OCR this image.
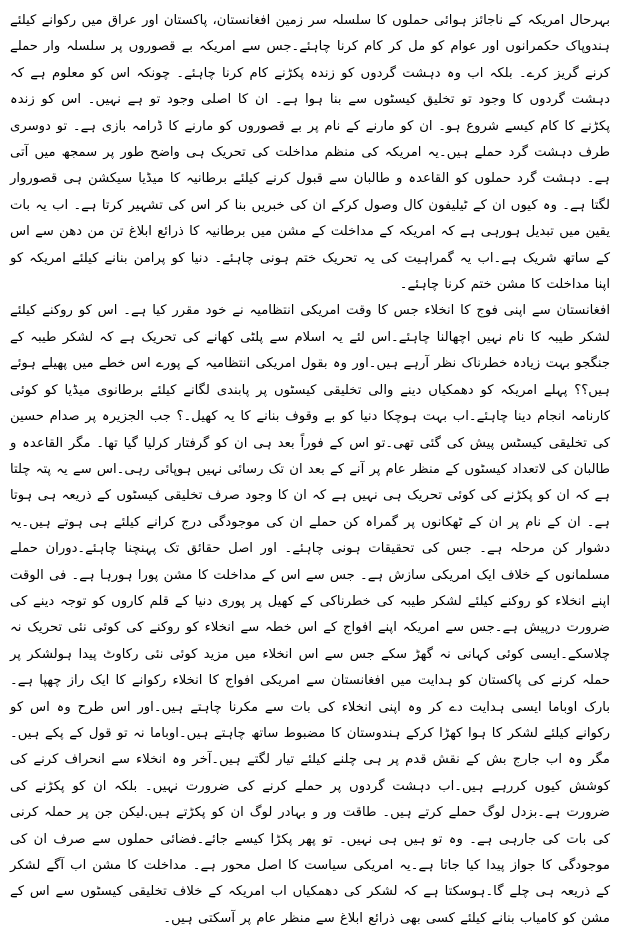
بہرحال امریکہ کے ناجائز ہوائی حملوں کا سلسلہ سر زمین افغانستان، پاکستان اور عراق میں رکوانے کیلئے ہندوپاک حکمرانوں اور عوام کو مل کر کام کرنا چاہئے۔جس سے امریکہ بے قصوروں پر سلسلہ وار حملے کرنے گریز کرے۔ بلکہ اب وہ دہشت گردوں کو زندہ پکڑنے کام کرنا چاہئے۔ چونکہ اس کو معلوم ہے کہ دہشت گردوں کا وجود تو تخلیق کیسٹوں سے بنا ہوا ہے۔ ان کا اصلی وجود تو ہے نہیں۔ اس کو زندہ پکڑنے کا کام کیسے شروع ہو۔ ان کو مارنے کے نام پر بے قصوروں کو مارنے کا ڈرامہ بازی ہے۔ تو دوسری طرف دہشت گرد حملے ہیں۔یہ امریکہ کی منظم مداخلت کی تحریک ہی واضح طور پر سمجھ میں آتی ہے۔ دہشت گرد حملوں کو القاعدہ و طالبان سے قبول کرنے کیلئے برطانیہ کا میڈیا سیکشن ہی قصوروار لگتا ہے۔ وہ کیوں ان کے ٹیلیفون کال وصول کرکے ان کی خبریں بنا کر اس کی تشہیر کرتا ہے۔ اب یہ بات یقین میں تبدیل ہورہی ہے کہ امریکہ کے مداخلت کے مشن میں برطانیہ کا ذرائع ابلاغ تن من دھن سے اس کے ساتھ شریک ہے۔اب یہ گمراہیت کی یہ تحریک ختم ہونی چاہئے۔ دنیا کو پرامن بنانے کیلئے امریکہ کو اپنا مداخلت کا مشن ختم کرنا چاہئے۔

افغانستان سے اپنی فوج کا انخلاء جس کا وقت امریکی انتظامیہ نے خود مقرر کیا ہے۔ اس کو روکنے کیلئے لشکر طیبہ کا نام نہیں اچھالنا چاہئے۔اس لئے یہ اسلام سے پلٹی کھانے کی تحریک ہے کہ لشکر طیبہ کے جنگجو بہت زیادہ خطرناک نظر آرہے ہیں۔اور وہ بقول امریکی انتظامیہ کے پورے اس خطے میں پھیلے ہوئے ہیں؟؟ پہلے امریکہ کو دھمکیاں دینے والی تخلیقی کیسٹوں پر پابندی لگانے کیلئے برطانوی میڈیا کو کوئی کارنامہ انجام دینا چاہئے۔اب بہت ہوچکا دنیا کو بے وقوف بنانے کا یہ کھیل۔؟ جب الجزیرہ پر صدام حسین کی تخلیقی کیسٹس پیش کی گئی تھی۔تو اس کے فوراً بعد ہی ان کو گرفتار کرلیا گیا تھا۔ مگر القاعدہ و طالبان کی لاتعداد کیسٹوں کے منظر عام پر آنے کے بعد ان تک رسائی نہیں ہوپائی رہی۔اس سے یہ پتہ چلتا ہے کہ ان کو پکڑنے کی کوئی تحریک ہی نہیں ہے کہ ان کا وجود صرف تخلیقی کیسٹوں کے ذریعہ ہی ہوتا ہے۔ ان کے نام پر ان کے ٹھکانوں پر گمراہ کن حملے ان کی موجودگی درج کرانے کیلئے ہی ہوتے ہیں۔یہ دشوار کن مرحلہ ہے۔ جس کی تحقیقات ہونی چاہئے۔ اور اصل حقائق تک پہنچنا چاہئے۔دوران حملے مسلمانوں کے خلاف ایک امریکی سازش ہے۔ جس سے اس کے مداخلت کا مشن پورا ہورہا ہے۔ فی الوقت اپنے انخلاء کو روکنے کیلئے لشکر طیبہ کی خطرناکی کے کھیل پر پوری دنیا کے قلم کاروں کو توجہ دینے کی ضرورت درپیش ہے۔جس سے امریکہ اپنے افواج کے اس خطہ سے انخلاء کو روکنے کی کوئی نئی تحریک نہ چلاسکے۔ایسی کوئی کہانی نہ گھڑ سکے جس سے اس انخلاء میں مزید کوئی نئی رکاوٹ پیدا ہولشکر پر حملہ کرنے کی پاکستان کو ہدایت میں افغانستان سے امریکی افواج کا انخلاء رکوانے کا ایک راز چھپا ہے۔ بارک اوباما ایسی ہدایت دے کر وہ اپنی انخلاء کی بات سے مکرنا چاہتے ہیں۔اور اس طرح وہ اس کو رکوانے کیلئے لشکر کا ہوا کھڑا کرکے ہندوستان کا مضبوط ساتھ چاہتے ہیں۔اوباما نہ تو قول کے پکے ہیں۔ مگر وہ اب جارج بش کے نقش قدم پر ہی چلنے کیلئے تیار لگتے ہیں۔آخر وہ انخلاء سے انحراف کرنے کی کوشش کیوں کررہے ہیں۔اب دہشت گردوں پر حملے کرنے کی ضرورت نہیں۔ بلکہ ان کو پکڑنے کی ضرورت ہے۔بزدل لوگ حملے کرتے ہیں۔ طاقت ور و بہادر لوگ ان کو پکڑتے ہیں.لیکن جن پر حملہ کرنی کی بات کی جارہی ہے۔ وہ تو ہیں ہی نہیں۔ تو پھر پکڑا کیسے جائے۔فضائی حملوں سے صرف ان کی موجودگی کا جواز پیدا کیا جاتا ہے۔یہ امریکی سیاست کا اصل محور ہے۔ مداخلت کا مشن اب آگے لشکر کے ذریعہ ہی چلے گا۔ہوسکتا ہے کہ لشکر کی دھمکیاں اب امریکہ کے خلاف تخلیقی کیسٹوں سے اس کے مشن کو کامیاب بنانے کیلئے کسی بھی ذرائع ابلاغ سے منظر عام پر آسکتی ہیں۔
